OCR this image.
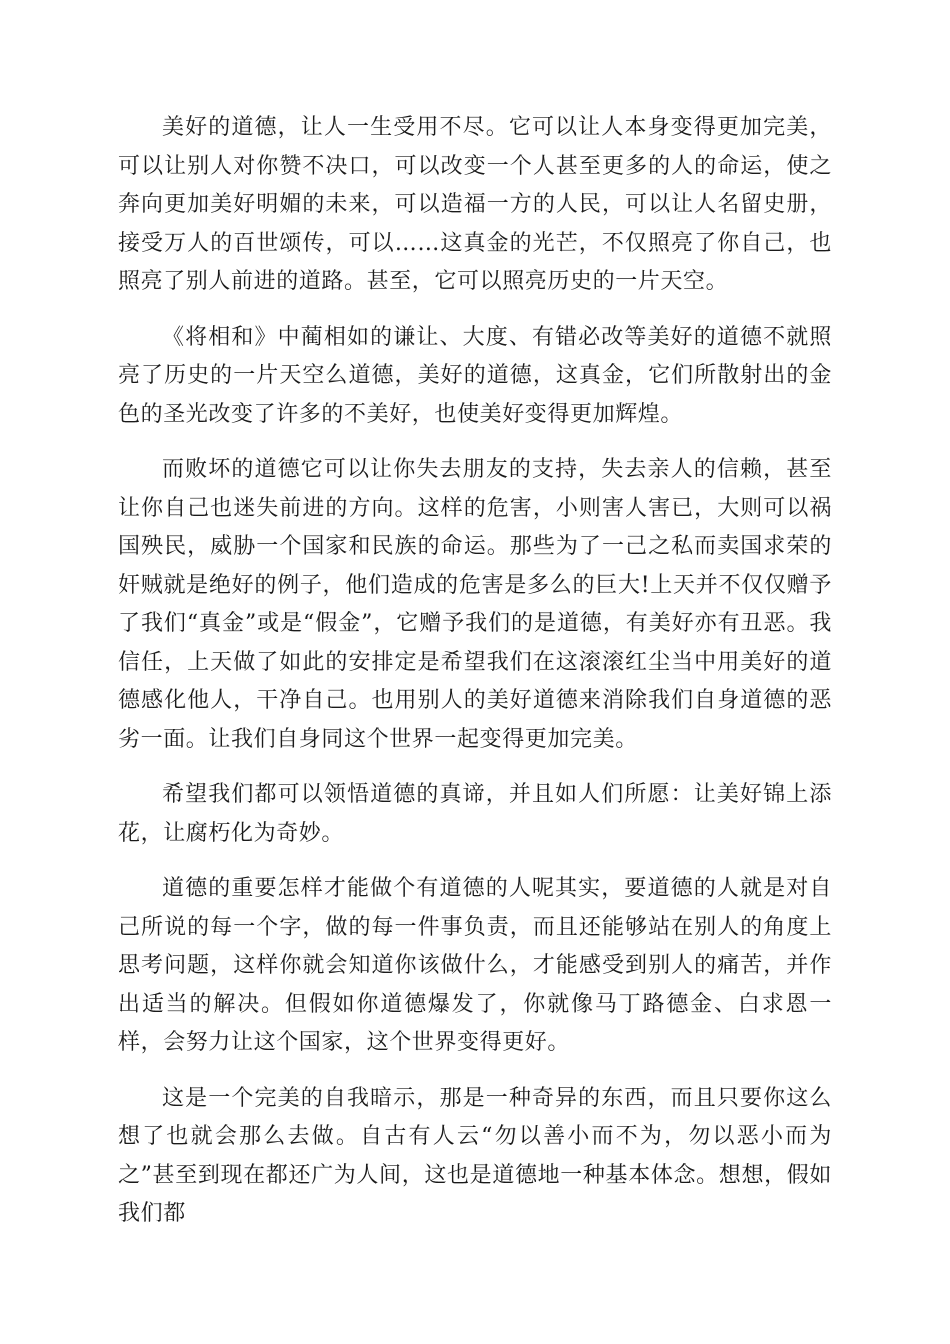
美好的道德，让人一生受用不尽。它可以让人本身变得更加完美，可以让别人对你赞不决口，可以改变一个人甚至更多的人的命运，使之奔向更加美好明媚的未来，可以造福一方的人民，可以让人名留史册，接受万人的百世颂传，可以……这真金的光芒，不仅照亮了你自己，也照亮了别人前进的道路。甚至，它可以照亮历史的一片天空。

《将相和》中蔺相如的谦让、大度、有错必改等美好的道德不就照亮了历史的一片天空么道德，美好的道德，这真金，它们所散射出的金色的圣光改变了许多的不美好，也使美好变得更加辉煌。

而败坏的道德它可以让你失去朋友的支持，失去亲人的信赖，甚至让你自己也迷失前进的方向。这样的危害，小则害人害已，大则可以祸国殃民，威胁一个国家和民族的命运。那些为了一己之私而卖国求荣的奸贼就是绝好的例子，他们造成的危害是多么的巨大!上天并不仅仅赠予了我们“真金”或是“假金”，它赠予我们的是道德，有美好亦有丑恶。我信任，上天做了如此的安排定是希望我们在这滚滚红尘当中用美好的道德感化他人，干净自己。也用别人的美好道德来消除我们自身道德的恶劣一面。让我们自身同这个世界一起变得更加完美。

希望我们都可以领悟道德的真谛，并且如人们所愿：让美好锦上添花，让腐朽化为奇妙。

道德的重要怎样才能做个有道德的人呢其实，要道德的人就是对自己所说的每一个字，做的每一件事负责，而且还能够站在别人的角度上思考问题，这样你就会知道你该做什么，才能感受到别人的痛苦，并作出适当的解决。但假如你道德爆发了，你就像马丁路德金、白求恩一样，会努力让这个国家，这个世界变得更好。

这是一个完美的自我暗示，那是一种奇异的东西，而且只要你这么想了也就会那么去做。自古有人云“勿以善小而不为，勿以恶小而为之”甚至到现在都还广为人间，这也是道德地一种基本体念。想想，假如我们都
